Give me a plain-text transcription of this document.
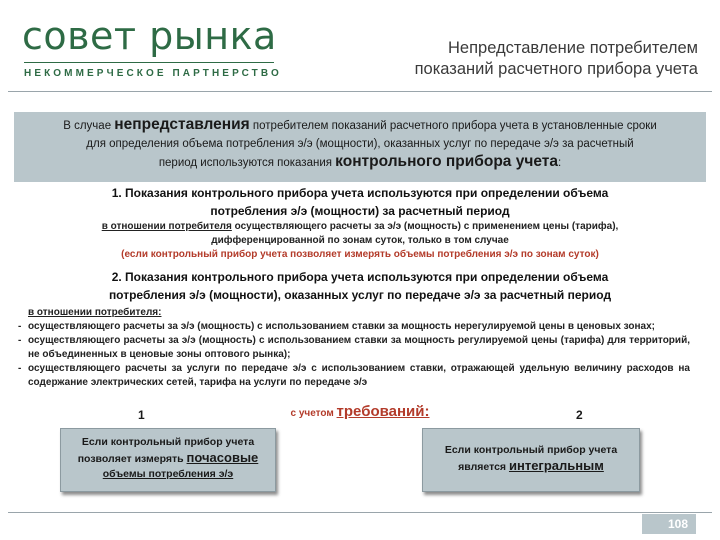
совет рынка
НЕКОММЕРЧЕСКОЕ ПАРТНЕРСТВО
Непредставление потребителем
показаний расчетного прибора учета
В случае непредставления потребителем показаний расчетного прибора учета в установленные сроки
для определения объема потребления э/э (мощности), оказанных услуг по передаче э/э за расчетный
период используются показания контрольного прибора учета:
1. Показания контрольного прибора учета используются при определении объема
потребления э/э (мощности) за расчетный период
в отношении потребителя осуществляющего расчеты за э/э (мощность) с применением цены (тарифа),
дифференцированной по зонам суток, только в том случае
(если контрольный прибор учета позволяет измерять объемы потребления э/э по зонам суток)
2. Показания контрольного прибора учета используются при определении объема
потребления э/э (мощности), оказанных услуг по передаче э/э за расчетный период
в отношении потребителя:
- осуществляющего расчеты за э/э (мощность) с использованием ставки за мощность нерегулируемой цены в ценовых зонах;
- осуществляющего расчеты за э/э (мощность) с использованием ставки за мощность регулируемой цены (тарифа) для территорий, не объединенных в ценовые зоны оптового рынка);
- осуществляющего расчеты за услуги по передаче э/э с использованием ставки, отражающей удельную величину расходов на содержание электрических сетей, тарифа на услуги по передаче э/э
с учетом требований:
1	2
Если контрольный прибор учета
позволяет измерять почасовые
объемы потребления э/э
Если контрольный прибор учета
является интегральным
108
